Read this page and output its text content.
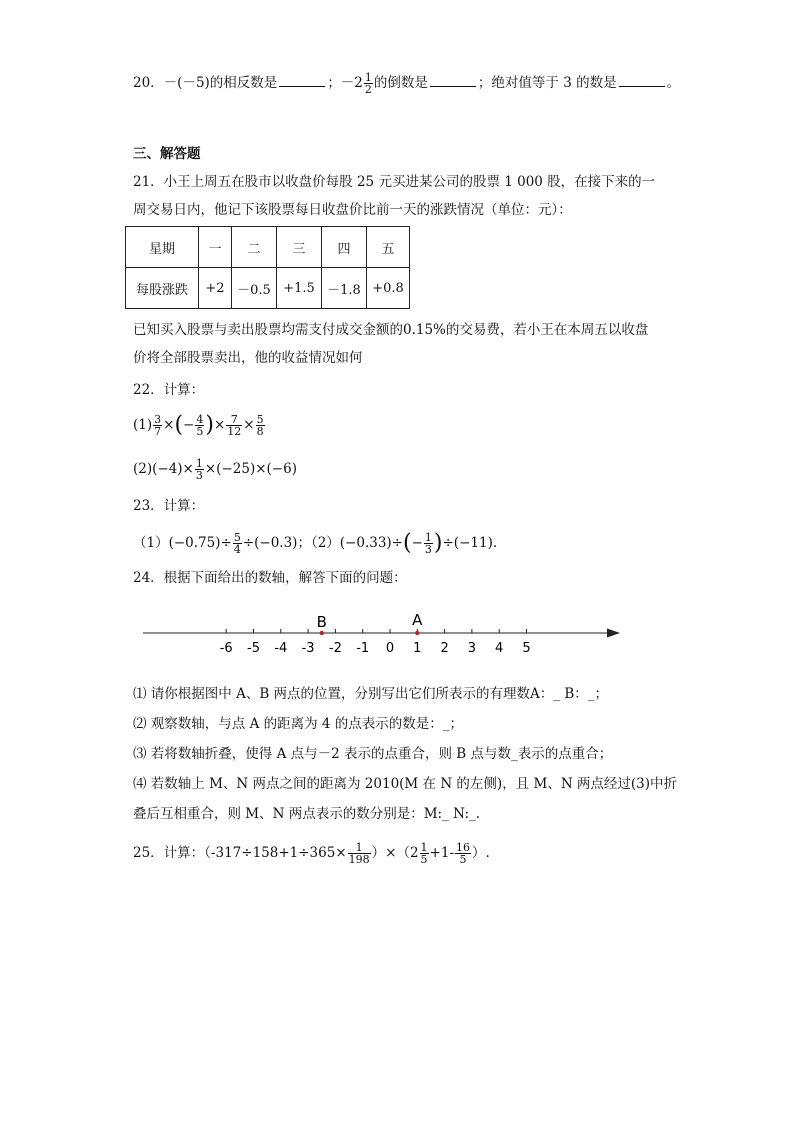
20．－(－5)的相反数是	；$-2 \frac{1}{2}$ 的倒数是	；绝对值等于 3 的数是	。
三、解答题
21．小王上周五在股市以收盘价每股 25 元买进某公司的股票 1 000 股，在接下来的一
周交易日内，他记下该股票每日收盘价比前一天的涨跌情况（单位：元）：
星期	一	二	三	四	五
每股涨跌	+2	－0.5	+1.5	－1.8	+0.8
已知买入股票与卖出股票均需支付成交金额的0.15%的交易费，若小王在本周五以收盘
价将全部股票卖出，他的收益情况如何
22．计算：
$(1) \frac{3}{7}$ ×(− $\frac{4}{5}$ )× $\frac{7}{12} \times \frac{5}{8}$
$(2)(-4)\times \frac{1}{3} \times(-25)\times(-6)$
23．计算：
$(1)(-0.75)\div \frac{5}{4} \div(-0.3)$；$(2)(-0.33)\div(- \frac{1}{3} )\div(-11)$.
24．根据下面给出的数轴，解答下面的问题：
-6 -5 -4 -3 -2 -1 0 1 2 3 4 5
B	A
⑴ 请你根据图中 A、B 两点的位置，分别写出它们所表示的有理数A：_ B：_；
⑵ 观察数轴，与点 A 的距离为 4 的点表示的数是：_；
⑶ 若将数轴折叠，使得 A 点与－2 表示的点重合，则 B 点与数_表示的点重合；
⑷ 若数轴上 M、N 两点之间的距离为 2010(M 在 N 的左侧)，且 M、N 两点经过(3)中折
叠后互相重合，则 M、N 两点表示的数分别是：M:_ N:_.
25．计算：$(-317\div 158+1\div 365\times \frac{1}{198} )\times(2 \frac{1}{5} +1- \frac{16}{5}$ ）.
